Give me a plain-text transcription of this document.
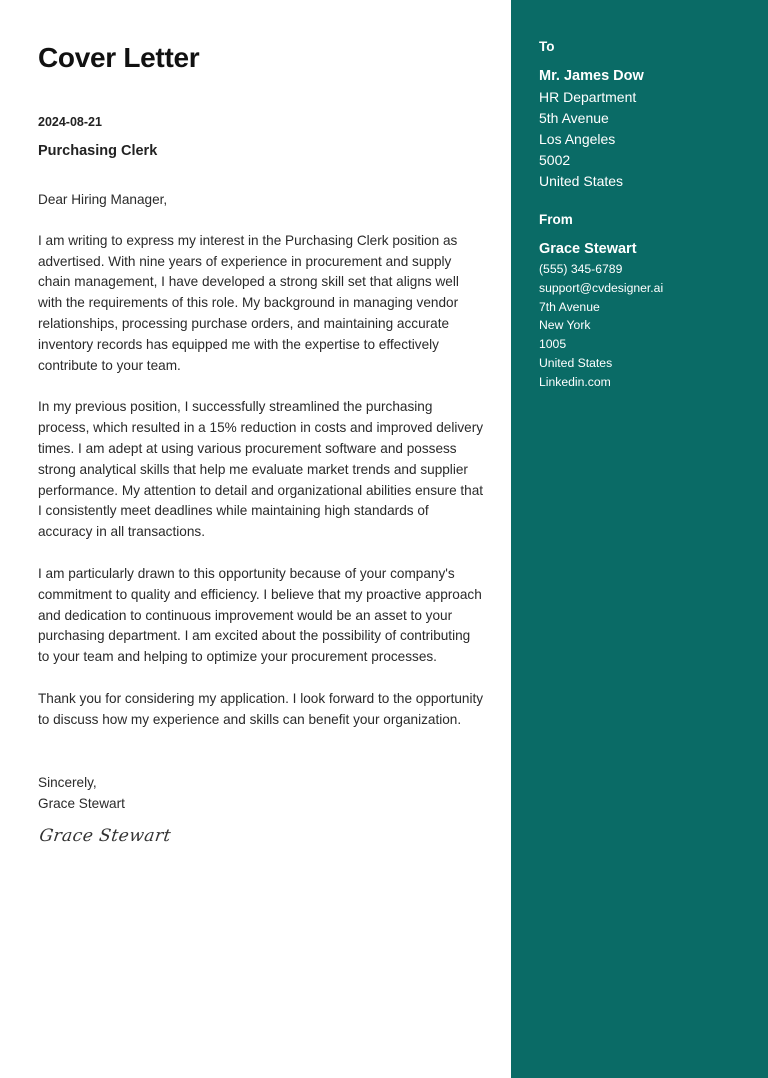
Cover Letter
2024-08-21
Purchasing Clerk

Dear Hiring Manager,

I am writing to express my interest in the Purchasing Clerk position as advertised. With nine years of experience in procurement and supply chain management, I have developed a strong skill set that aligns well with the requirements of this role. My background in managing vendor relationships, processing purchase orders, and maintaining accurate inventory records has equipped me with the expertise to effectively contribute to your team.

In my previous position, I successfully streamlined the purchasing process, which resulted in a 15% reduction in costs and improved delivery times. I am adept at using various procurement software and possess strong analytical skills that help me evaluate market trends and supplier performance. My attention to detail and organizational abilities ensure that I consistently meet deadlines while maintaining high standards of accuracy in all transactions.

I am particularly drawn to this opportunity because of your company's commitment to quality and efficiency. I believe that my proactive approach and dedication to continuous improvement would be an asset to your purchasing department. I am excited about the possibility of contributing to your team and helping to optimize your procurement processes.

Thank you for considering my application. I look forward to the opportunity to discuss how my experience and skills can benefit your organization.

Sincerely,
Grace Stewart
Grace Stewart
To
Mr. James Dow
HR Department
5th Avenue
Los Angeles
5002
United States
From
Grace Stewart
(555) 345-6789
support@cvdesigner.ai
7th Avenue
New York
1005
United States
Linkedin.com
